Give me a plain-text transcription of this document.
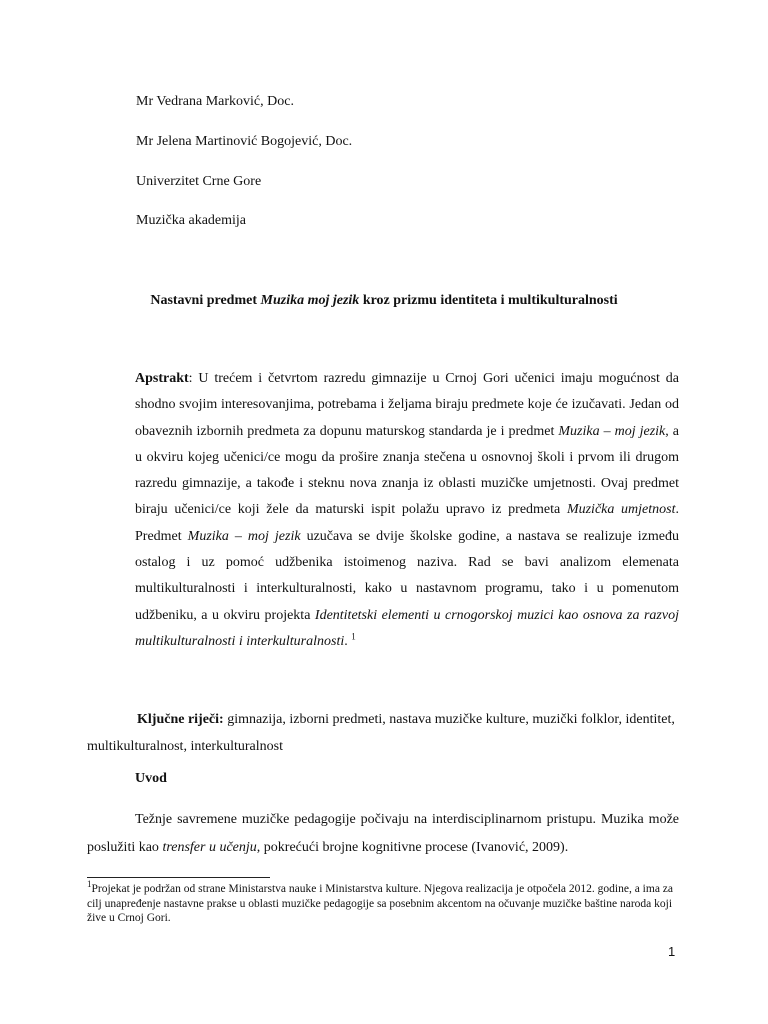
Mr Vedrana Marković, Doc.
Mr Jelena Martinović Bogojević, Doc.
Univerzitet Crne Gore
Muzička akademija
Nastavni predmet Muzika moj jezik kroz prizmu identiteta i multikulturalnosti
Apstrakt: U trećem i četvrtom razredu gimnazije u Crnoj Gori učenici imaju mogućnost da shodno svojim interesovanjima, potrebama i željama biraju predmete koje će izučavati. Jedan od obaveznih izbornih predmeta za dopunu maturskog standarda je i predmet Muzika – moj jezik, a u okviru kojeg učenici/ce mogu da prošire znanja stečena u osnovnoj školi i prvom ili drugom razredu gimnazije, a takođe i steknu nova znanja iz oblasti muzičke umjetnosti. Ovaj predmet biraju učenici/ce koji žele da maturski ispit polažu upravo iz predmeta Muzička umjetnost. Predmet Muzika – moj jezik uzučava se dvije školske godine, a nastava se realizuje između ostalog i uz pomoć udžbenika istoimenog naziva. Rad se bavi analizom elemenata multikulturalnosti i interkulturalnosti, kako u nastavnom programu, tako i u pomenutom udžbeniku, a u okviru projekta Identitetski elementi u crnogorskoj muzici kao osnova za razvoj multikulturalnosti i interkulturalnosti. $^1$
Ključne riječi: gimnazija, izborni predmeti, nastava muzičke kulture, muzički folklor, identitet, multikulturalnost, interkulturalnost
Uvod
Težnje savremene muzičke pedagogije počivaju na interdisciplinarnom pristupu. Muzika može poslužiti kao trensfer u učenju, pokrećući brojne kognitivne procese (Ivanović, 2009).
$^1$Projekat je podržan od strane Ministarstva nauke i Ministarstva kulture. Njegova realizacija je otpočela 2012. godine, a ima za cilj unapređenje nastavne prakse u oblasti muzičke pedagogije sa posebnim akcentom na očuvanje muzičke baštine naroda koji žive u Crnoj Gori.
1
